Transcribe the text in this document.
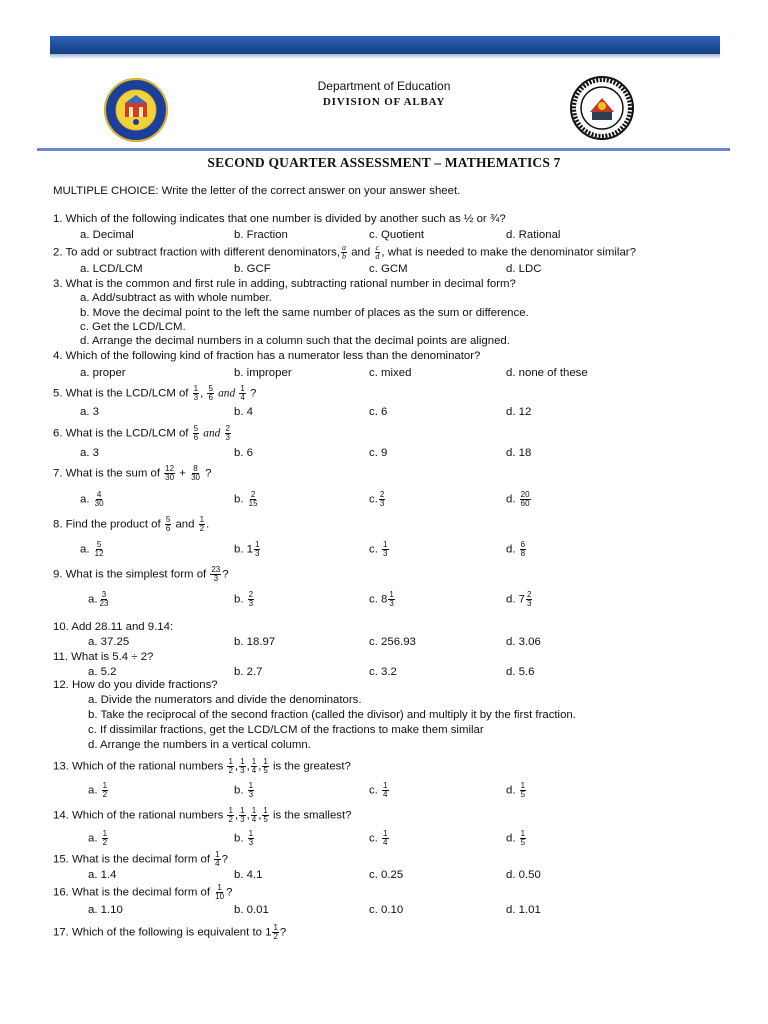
Department of Education
DIVISION OF ALBAY
SECOND QUARTER ASSESSMENT – MATHEMATICS 7
MULTIPLE CHOICE: Write the letter of the correct answer on your answer sheet.
1. Which of the following indicates that one number is divided by another such as ½ or ¾?
a. Decimal	b. Fraction	c. Quotient	d. Rational
2. To add or subtract fraction with different denominators, $\frac{a}{b}$ and $\frac{c}{d}$ , what is needed to make the denominator similar?
a. LCD/LCM	b. GCF	c. GCM	d. LDC
3. What is the common and first rule in adding, subtracting rational number in decimal form?
a. Add/subtract as with whole number.
b. Move the decimal point to the left the same number of places as the sum or difference.
c. Get the LCD/LCM.
d. Arrange the decimal numbers in a column such that the decimal points are aligned.
4. Which of the following kind of fraction has a numerator less than the denominator?
a. proper	b. improper	c. mixed	d. none of these
5. What is the LCD/LCM of $\frac{1}{3}$ , $\frac{5}{6}$ and $\frac{1}{4}$ ?
a. 3	b. 4	c. 6	d. 12
6. What is the LCD/LCM of $\frac{5}{6}$ and $\frac{2}{3}$
a. 3	b. 6	c. 9	d. 18
7. What is the sum of $\frac{12}{30} + \frac{8}{30}$ ?
a. $\frac{4}{30}$	b. $\frac{2}{15}$	c. $\frac{2}{3}$	d. $\frac{20}{60}$
8. Find the product of $\frac{5}{6}$ and $\frac{1}{2}$ .
a. $\frac{5}{12}$	b. $1 \frac{1}{3}$	c. $\frac{1}{3}$	d. $\frac{6}{8}$
9. What is the simplest form of $\frac{23}{3}$ ?
a. $\frac{3}{23}$	b. $\frac{2}{3}$	c. $8 \frac{1}{3}$	d. $7 \frac{2}{3}$
10. Add 28.11 and 9.14:
a. 37.25	b. 18.97	c. 256.93	d. 3.06
11. What is 5.4 ÷ 2?
a. 5.2	b. 2.7	c. 3.2	d. 5.6
12. How do you divide fractions?
a. Divide the numerators and divide the denominators.
b. Take the reciprocal of the second fraction (called the divisor) and multiply it by the first fraction.
c. If dissimilar fractions, get the LCD/LCM of the fractions to make them similar
d. Arrange the numbers in a vertical column.
13. Which of the rational numbers $\frac{1}{2}$ , $\frac{1}{3}$ , $\frac{1}{4}$ , $\frac{1}{5}$ is the greatest?
a. $\frac{1}{2}$	b. $\frac{1}{3}$	c. $\frac{1}{4}$	d. $\frac{1}{5}$
14. Which of the rational numbers $\frac{1}{2}$ , $\frac{1}{3}$ , $\frac{1}{4}$ , $\frac{1}{5}$ is the smallest?
a. $\frac{1}{2}$	b. $\frac{1}{3}$	c. $\frac{1}{4}$	d. $\frac{1}{5}$
15. What is the decimal form of $\frac{1}{4}$ ?
a. 1.4	b. 4.1	c. 0.25	d. 0.50
16. What is the decimal form of $\frac{1}{10}$ ?
a. 1.10	b. 0.01	c. 0.10	d. 1.01
17. Which of the following is equivalent to $1 \frac{1}{2}$ ?
